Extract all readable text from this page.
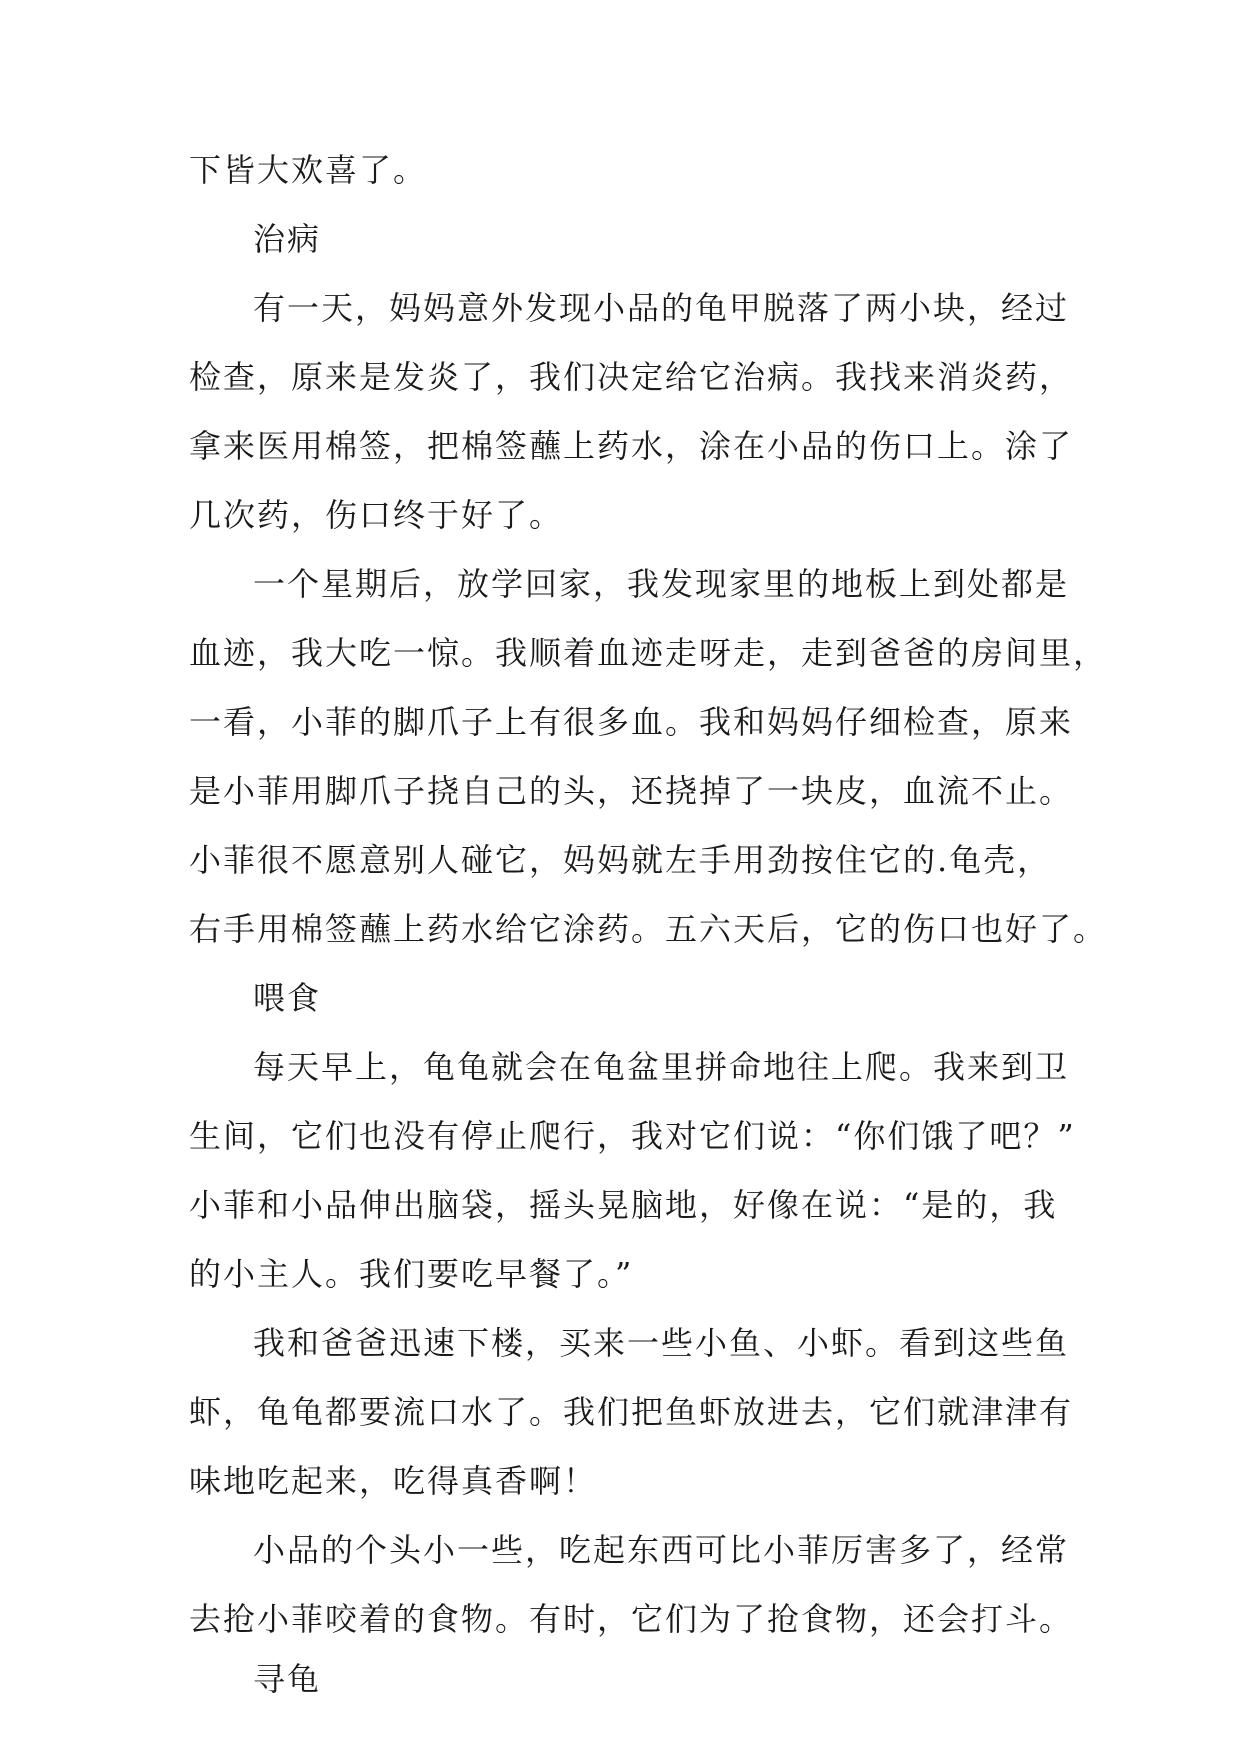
下皆大欢喜了。
治病
有一天，妈妈意外发现小品的龟甲脱落了两小块，经过
检查，原来是发炎了，我们决定给它治病。我找来消炎药，
拿来医用棉签，把棉签蘸上药水，涂在小品的伤口上。涂了
几次药，伤口终于好了。
一个星期后，放学回家，我发现家里的地板上到处都是
血迹，我大吃一惊。我顺着血迹走呀走，走到爸爸的房间里，
一看，小菲的脚爪子上有很多血。我和妈妈仔细检查，原来
是小菲用脚爪子挠自己的头，还挠掉了一块皮，血流不止。
小菲很不愿意别人碰它，妈妈就左手用劲按住它的.龟壳，
右手用棉签蘸上药水给它涂药。五六天后，它的伤口也好了。
喂食
每天早上，龟龟就会在龟盆里拼命地往上爬。我来到卫
生间，它们也没有停止爬行，我对它们说：“你们饿了吧？”
小菲和小品伸出脑袋，摇头晃脑地，好像在说：“是的，我
的小主人。我们要吃早餐了。”
我和爸爸迅速下楼，买来一些小鱼、小虾。看到这些鱼
虾，龟龟都要流口水了。我们把鱼虾放进去，它们就津津有
味地吃起来，吃得真香啊！
小品的个头小一些，吃起东西可比小菲厉害多了，经常
去抢小菲咬着的食物。有时，它们为了抢食物，还会打斗。
寻龟
